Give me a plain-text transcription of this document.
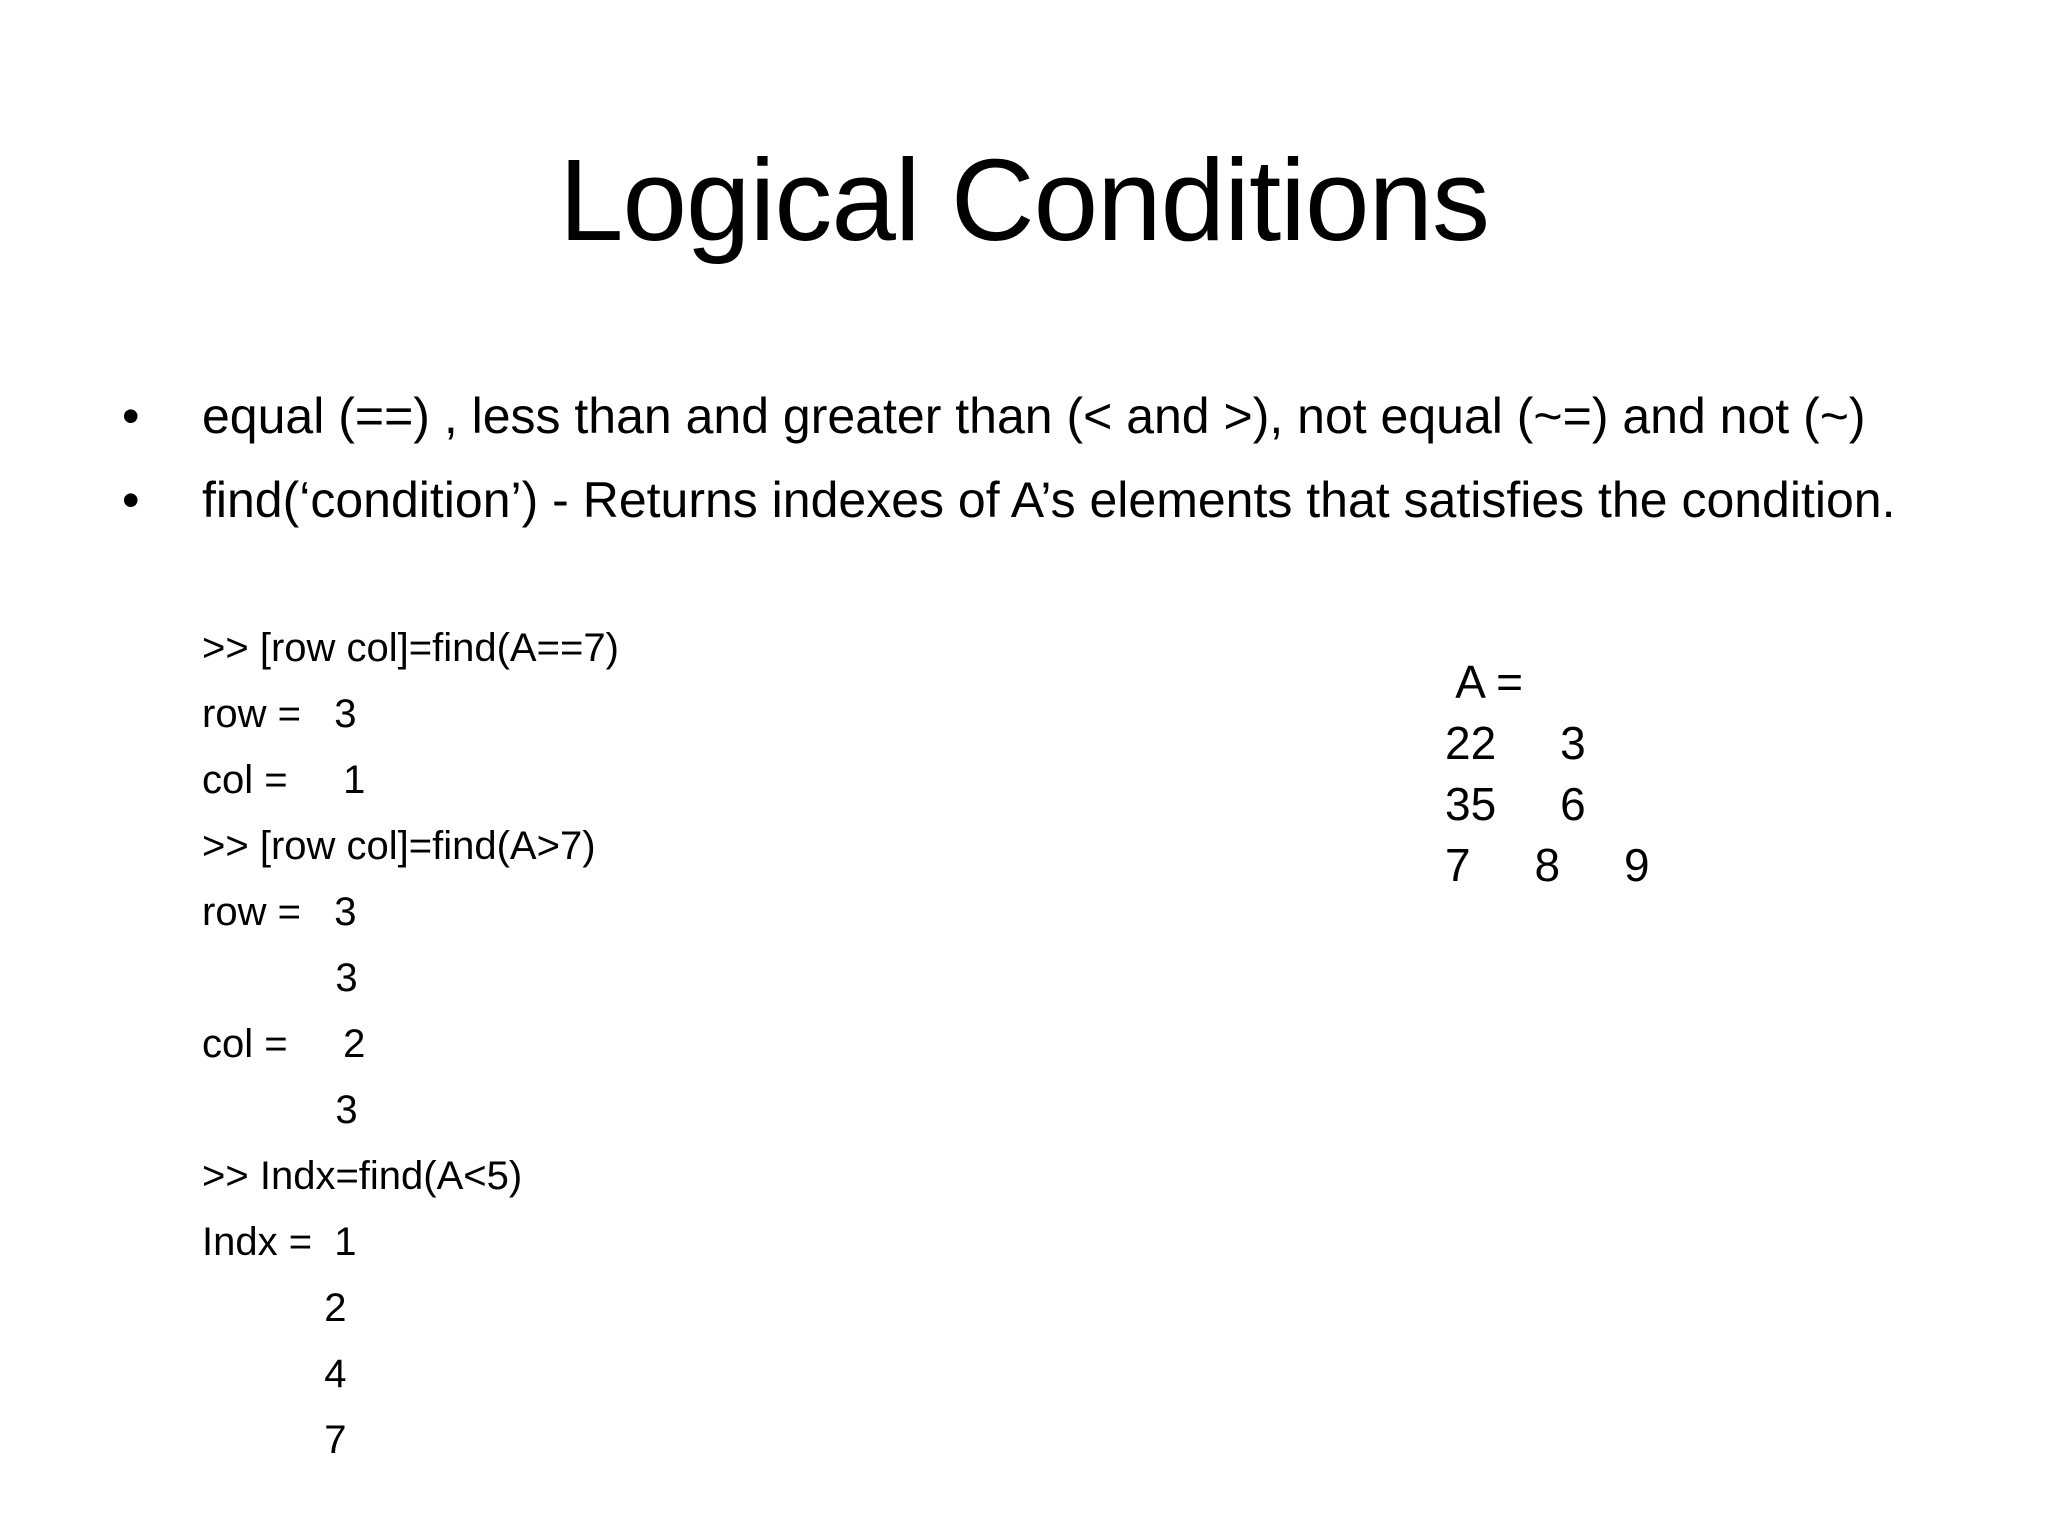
Logical Conditions
• equal (==) , less than and greater than (< and >), not equal (~=) and not (~)
• find(‘condition’) - Returns indexes of A’s elements that satisfies the condition.
>> [row col]=find(A==7)
row =   3
col =     1
>> [row col]=find(A>7)
row =   3
3
col =     2
3
>> Indx=find(A<5)
Indx =  1
2
4
7
A =
22     3
35     6
7     8     9
